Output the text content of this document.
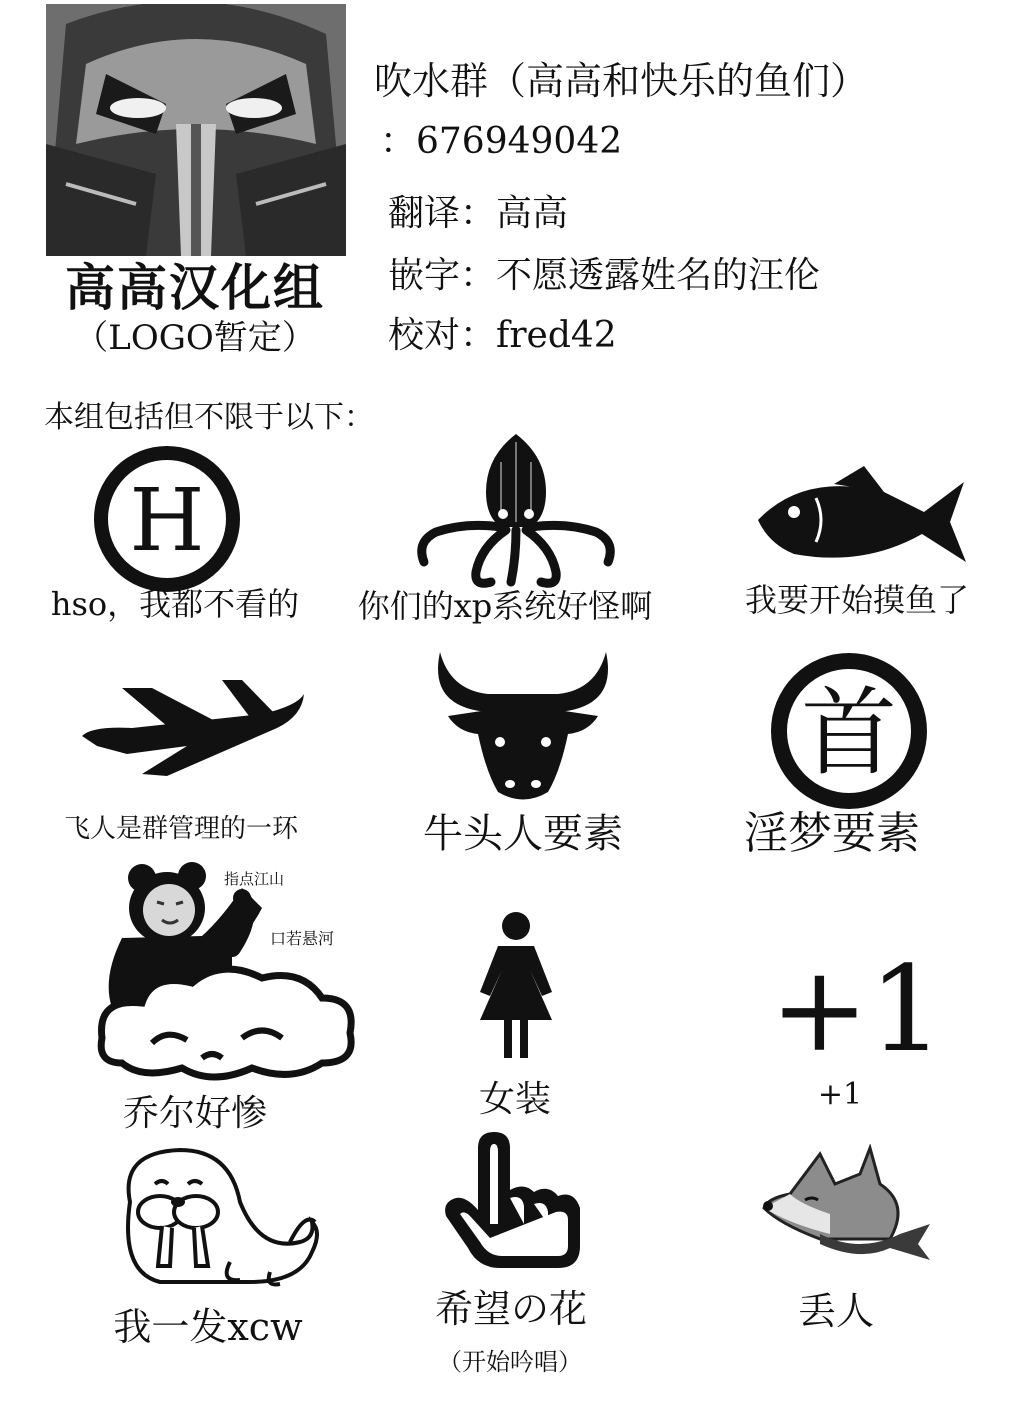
高高汉化组
（LOGO暂定）
吹水群（高高和快乐的鱼们）
：676949042
翻译：高高
嵌字：不愿透露姓名的汪伦
校对：fred42
本组包括但不限于以下：
H
hso，我都不看的	你们的xp系统好怪啊	我要开始摸鱼了
飞人是群管理的一环	牛头人要素
首
淫梦要素
指点江山
口若悬河
乔尔好惨	女装
+1
+1
我一发xcw	希望の花
（开始吟唱）
丢人
